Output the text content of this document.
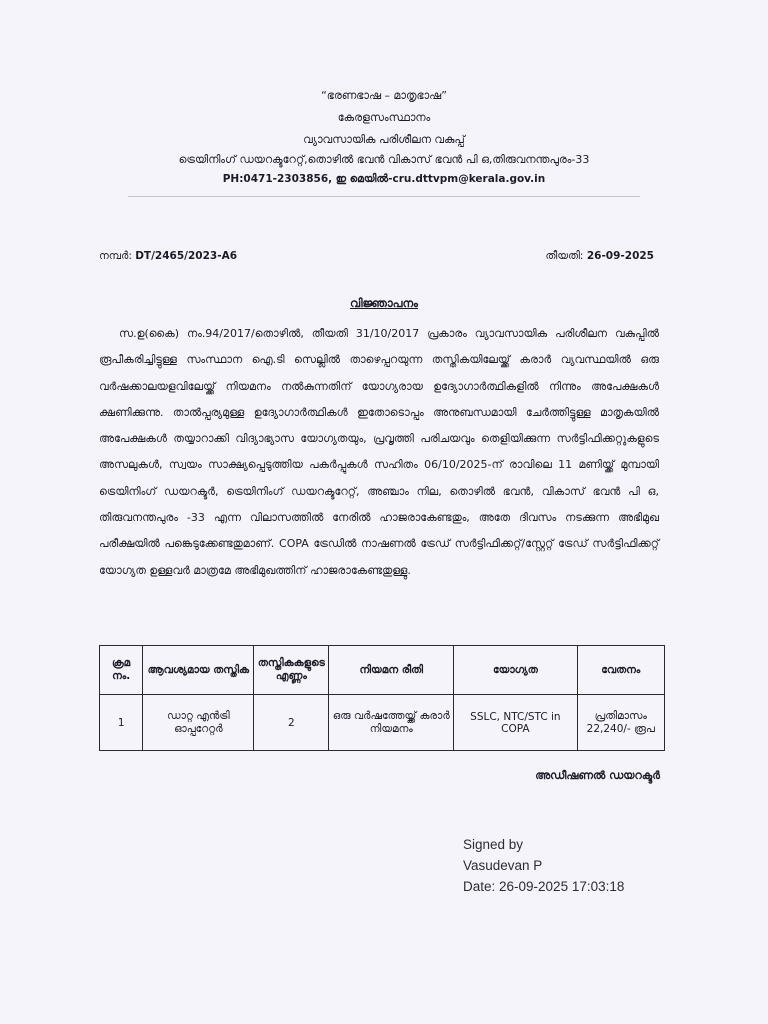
“ഭരണഭാഷ – മാതൃഭാഷ”
കേരളസംസ്ഥാനം
വ്യാവസായിക പരിശീലന വകുപ്പ്
ട്രെയിനിംഗ് ഡയറക്ടറേറ്റ്,തൊഴിൽ ഭവൻ വികാസ് ഭവൻ പി ഒ,തിരുവനന്തപുരം-33
PH:0471-2303856, ഇ മെയിൽ-cru.dttvpm@kerala.gov.in
നമ്പർ: DT/2465/2023-A6	തീയതി: 26-09-2025
വിജ്ഞാപനം
സ.ഉ(കൈ) നം.94/2017/തൊഴിൽ, തീയതി 31/10/2017 പ്രകാരം വ്യാവസായിക പരിശീലന വകുപ്പിൽ രൂപീകരിച്ചിട്ടുള്ള സംസ്ഥാന ഐ.ടി സെല്ലിൽ താഴെപ്പറയുന്ന തസ്തികയിലേയ്ക്ക് കരാർ വ്യവസ്ഥയിൽ ഒരു വർഷക്കാലയളവിലേയ്ക്ക് നിയമനം നൽകുന്നതിന് യോഗ്യരായ ഉദ്യോഗാർത്ഥികളിൽ നിന്നും അപേക്ഷകൾ ക്ഷണിക്കുന്നു. താൽപ്പര്യമുള്ള ഉദ്യോഗാർത്ഥികൾ ഇതോടൊപ്പം അനുബന്ധമായി ചേർത്തിട്ടുള്ള മാതൃകയിൽ അപേക്ഷകൾ തയ്യാറാക്കി വിദ്യാഭ്യാസ യോഗ്യതയും, പ്രവൃത്തി പരിചയവും തെളിയിക്കുന്ന സർട്ടിഫിക്കറ്റുകളുടെ അസലുകൾ, സ്വയം സാക്ഷ്യപ്പെടുത്തിയ പകർപ്പുകൾ സഹിതം 06/10/2025-ന് രാവിലെ 11 മണിയ്ക്ക് മുമ്പായി ട്രെയിനിംഗ് ഡയറക്ടർ, ട്രെയിനിംഗ് ഡയറക്ടറേറ്റ്, അഞ്ചാം നില, തൊഴിൽ ഭവൻ, വികാസ് ഭവൻ പി ഒ, തിരുവനന്തപുരം -33 എന്ന വിലാസത്തിൽ നേരിൽ ഹാജരാകേണ്ടതും, അതേ ദിവസം നടക്കുന്ന അഭിമുഖ പരീക്ഷയിൽ പങ്കെടുക്കേണ്ടതുമാണ്. COPA ട്രേഡിൽ നാഷണൽ ട്രേഡ് സർട്ടിഫിക്കറ്റ്/സ്റ്റേറ്റ് ട്രേഡ് സർട്ടിഫിക്കറ്റ് യോഗ്യത ഉള്ളവർ മാത്രമേ അഭിമുഖത്തിന് ഹാജരാകേണ്ടതുള്ളു.
ക്രമ നം.	ആവശ്യമായ തസ്തിക	തസ്തികകളുടെ എണ്ണം	നിയമന രീതി	യോഗ്യത	വേതനം
1	ഡാറ്റ എൻട്രി ഓപ്പറേറ്റർ	2	ഒരു വർഷത്തേയ്ക്ക് കരാർ നിയമനം	SSLC, NTC/STC in COPA	പ്രതിമാസം 22,240/- രൂപ
അഡീഷണൽ ഡയറക്ടർ
Signed by
Vasudevan P
Date: 26-09-2025 17:03:18
